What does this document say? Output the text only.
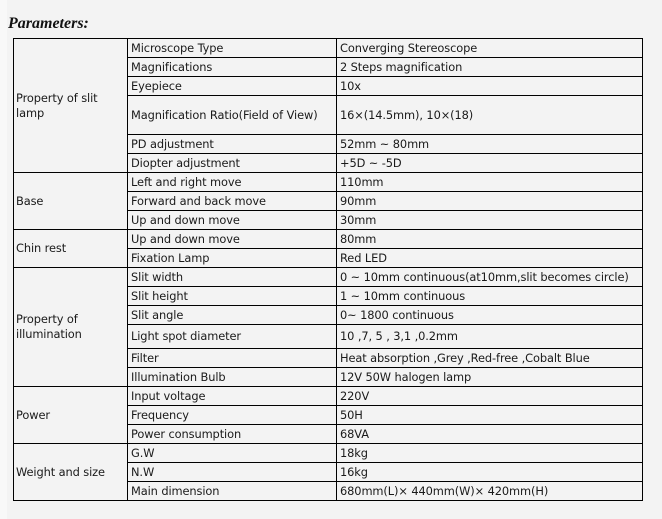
Parameters:
Property of slit lamp	Microscope Type	Converging Stereoscope
	Magnifications	2 Steps magnification
	Eyepiece	10x
	Magnification Ratio(Field of View)	16×(14.5mm), 10×(18)
	PD adjustment	52mm ~ 80mm
	Diopter adjustment	+5D ~ -5D
Base	Left and right move	110mm
	Forward and back move	90mm
	Up and down move	30mm
Chin rest	Up and down move	80mm
	Fixation Lamp	Red LED
Property of illumination	Slit width	0 ~ 10mm continuous(at10mm,slit becomes circle)
	Slit height	1 ~ 10mm continuous
	Slit angle	0~ 1800 continuous
	Light spot diameter	10 ,7, 5 , 3,1 ,0.2mm
	Filter	Heat absorption ,Grey ,Red-free ,Cobalt Blue
	Illumination Bulb	12V 50W halogen lamp
Power	Input voltage	220V
	Frequency	50H
	Power consumption	68VA
Weight and size	G.W	18kg
	N.W	16kg
	Main dimension	680mm(L)× 440mm(W)× 420mm(H)
